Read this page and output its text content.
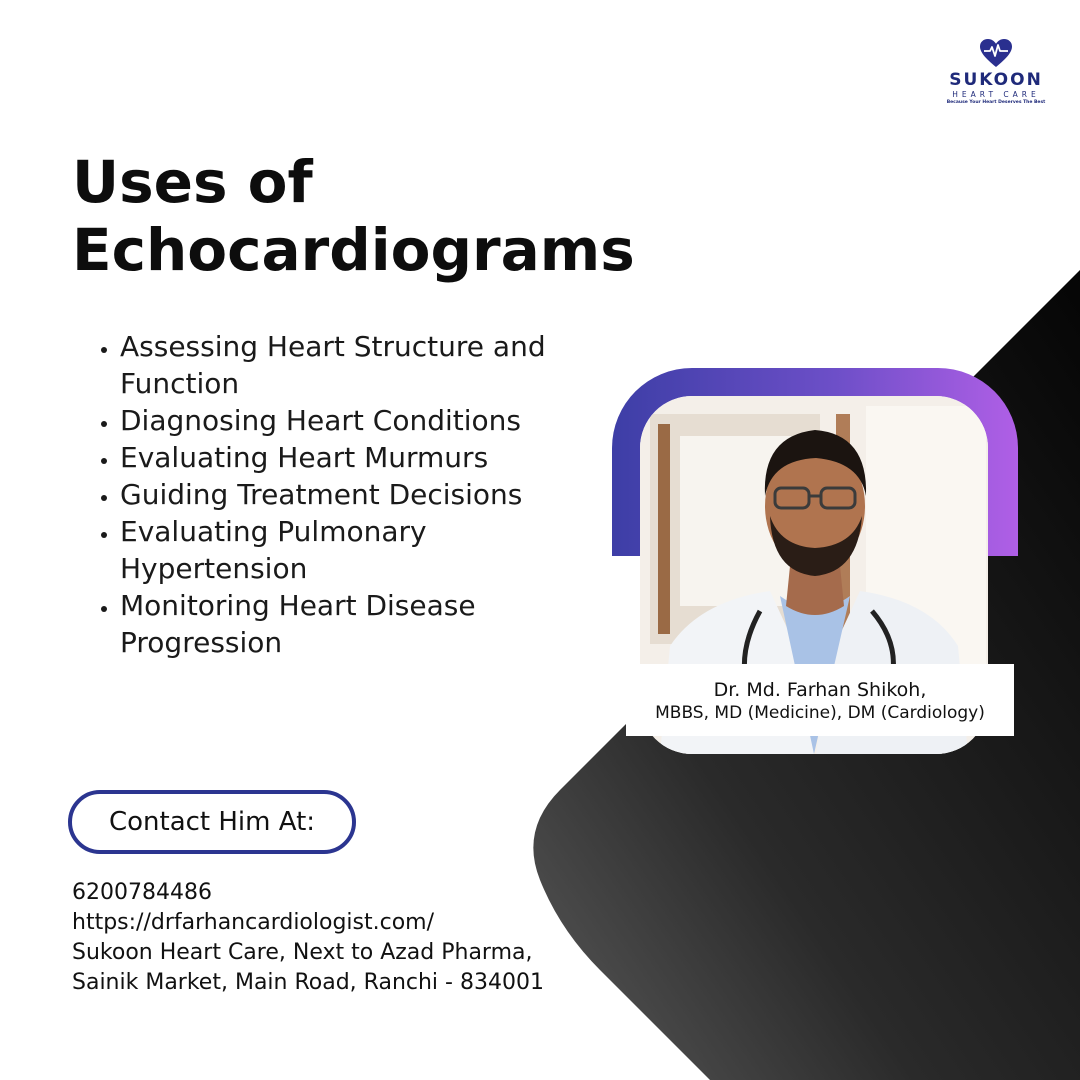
SUKOON
HEART CARE
Because Your Heart Deserves The Best
Uses of
Echocardiograms
• Assessing Heart Structure and Function
• Diagnosing Heart Conditions
• Evaluating Heart Murmurs
• Guiding Treatment Decisions
• Evaluating Pulmonary Hypertension
• Monitoring Heart Disease Progression
Dr. Md. Farhan Shikoh,
MBBS, MD (Medicine), DM (Cardiology)
Contact Him At:
6200784486
https://drfarhancardiologist.com/
Sukoon Heart Care, Next to Azad Pharma,
Sainik Market, Main Road, Ranchi - 834001
